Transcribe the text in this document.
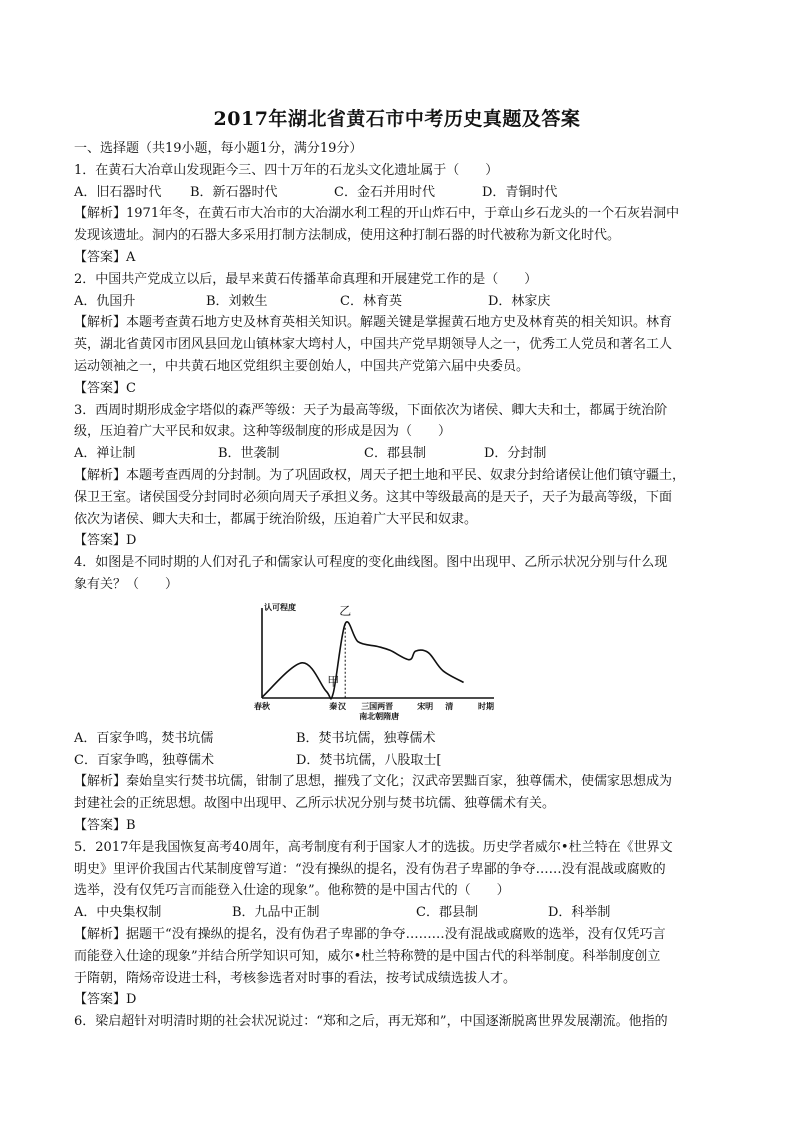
2017年湖北省黄石市中考历史真题及答案
一、选择题（共19小题，每小题1分，满分19分）
1．在黄石大冶章山发现距今三、四十万年的石龙头文化遗址属于（　　）
A．旧石器时代	B．新石器时代	C．金石并用时代	D．青铜时代
【解析】1971年冬，在黄石市大冶市的大冶湖水利工程的开山炸石中，于章山乡石龙头的一个石灰岩洞中
发现该遗址。洞内的石器大多采用打制方法制成，使用这种打制石器的时代被称为新文化时代。
【答案】A
2．中国共产党成立以后，最早来黄石传播革命真理和开展建党工作的是（　　）
A．仇国升	B．刘敕生	C．林育英	D．林家庆
【解析】本题考查黄石地方史及林育英相关知识。解题关键是掌握黄石地方史及林育英的相关知识。林育
英，湖北省黄冈市团风县回龙山镇林家大塆村人，中国共产党早期领导人之一，优秀工人党员和著名工人
运动领袖之一，中共黄石地区党组织主要创始人，中国共产党第六届中央委员。
【答案】C
3．西周时期形成金字塔似的森严等级：天子为最高等级，下面依次为诸侯、卿大夫和士，都属于统治阶
级，压迫着广大平民和奴隶。这种等级制度的形成是因为（　　）
A．禅让制	B．世袭制	C．郡县制	D．分封制
【解析】本题考查西周的分封制。为了巩固政权，周天子把土地和平民、奴隶分封给诸侯让他们镇守疆土，
保卫王室。诸侯国受分封同时必须向周天子承担义务。这其中等级最高的是天子，天子为最高等级，下面
依次为诸侯、卿大夫和士，都属于统治阶级，压迫着广大平民和奴隶。
【答案】D
4．如图是不同时期的人们对孔子和儒家认可程度的变化曲线图。图中出现甲、乙所示状况分别与什么现
象有关？（　　）
认可程度
时期
春秋	秦 汉 三国两晋
南北朝隋唐
宋明 清
甲
乙
A．百家争鸣，焚书坑儒	B．焚书坑儒，独尊儒术
C．百家争鸣，独尊儒术	D．焚书坑儒，八股取士[
【解析】秦始皇实行焚书坑儒，钳制了思想，摧残了文化；汉武帝罢黜百家，独尊儒术，使儒家思想成为
封建社会的正统思想。故图中出现甲、乙所示状况分别与焚书坑儒、独尊儒术有关。
【答案】B
5．2017年是我国恢复高考40周年，高考制度有利于国家人才的选拔。历史学者威尔•杜兰特在《世界文
明史》里评价我国古代某制度曾写道：“没有操纵的提名，没有伪君子卑鄙的争夺……没有混战或腐败的
选举，没有仅凭巧言而能登入仕途的现象”。他称赞的是中国古代的（　　）
A．中央集权制	B．九品中正制	C．郡县制	D．科举制
【解析】据题干“没有操纵的提名，没有伪君子卑鄙的争夺………没有混战或腐败的选举，没有仅凭巧言
而能登入仕途的现象”并结合所学知识可知，威尔•杜兰特称赞的是中国古代的科举制度。科举制度创立
于隋朝，隋炀帝设进士科，考核参选者对时事的看法，按考试成绩选拔人才。
【答案】D
6．梁启超针对明清时期的社会状况说过：“郑和之后，再无郑和”，中国逐渐脱离世界发展潮流。他指的
